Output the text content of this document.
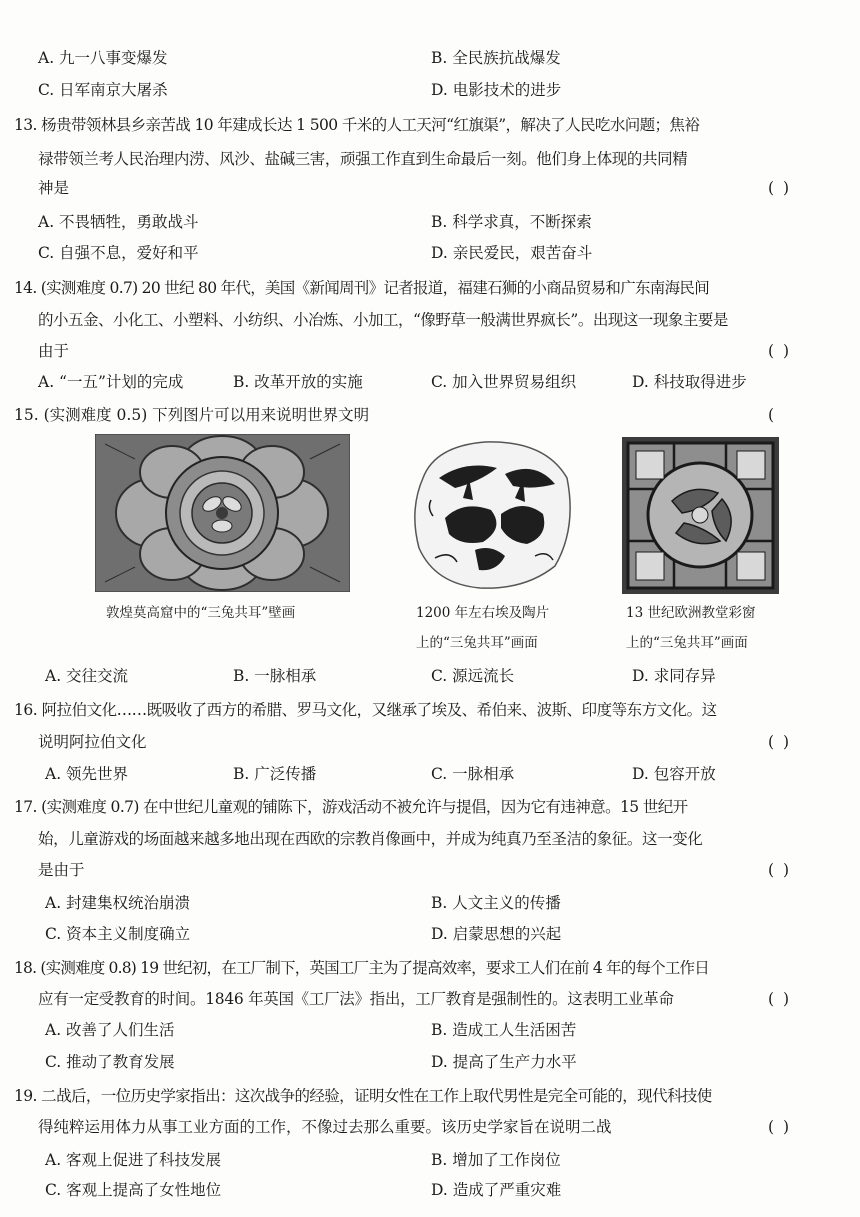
A. 九一八事变爆发	B. 全民族抗战爆发
C. 日军南京大屠杀	D. 电影技术的进步
13. 杨贵带领林县乡亲苦战 10 年建成长达 1 500 千米的人工天河“红旗渠”，解决了人民吃水问题；焦裕
禄带领兰考人民治理内涝、风沙、盐碱三害，顽强工作直到生命最后一刻。他们身上体现的共同精
神是	( )
A. 不畏牺牲，勇敢战斗	B. 科学求真，不断探索
C. 自强不息，爱好和平	D. 亲民爱民，艰苦奋斗
14. (实测难度 0.7) 20 世纪 80 年代，美国《新闻周刊》记者报道，福建石狮的小商品贸易和广东南海民间
的小五金、小化工、小塑料、小纺织、小冶炼、小加工，“像野草一般满世界疯长”。出现这一现象主要是
由于	( )
A. “一五”计划的完成	B. 改革开放的实施	C. 加入世界贸易组织	D. 科技取得进步
15. (实测难度 0.5) 下列图片可以用来说明世界文明	(
敦煌莫高窟中的“三兔共耳”壁画	1200 年左右埃及陶片
上的“三兔共耳”画面
13 世纪欧洲教堂彩窗
上的“三兔共耳”画面
A. 交往交流	B. 一脉相承	C. 源远流长	D. 求同存异
16. 阿拉伯文化……既吸收了西方的希腊、罗马文化，又继承了埃及、希伯来、波斯、印度等东方文化。这
说明阿拉伯文化	( )
A. 领先世界	B. 广泛传播	C. 一脉相承	D. 包容开放
17. (实测难度 0.7) 在中世纪儿童观的铺陈下，游戏活动不被允许与提倡，因为它有违神意。15 世纪开
始，儿童游戏的场面越来越多地出现在西欧的宗教肖像画中，并成为纯真乃至圣洁的象征。这一变化
是由于	( )
A. 封建集权统治崩溃	B. 人文主义的传播
C. 资本主义制度确立	D. 启蒙思想的兴起
18. (实测难度 0.8) 19 世纪初，在工厂制下，英国工厂主为了提高效率，要求工人们在前 4 年的每个工作日
应有一定受教育的时间。1846 年英国《工厂法》指出，工厂教育是强制性的。这表明工业革命	( )
A. 改善了人们生活	B. 造成工人生活困苦
C. 推动了教育发展	D. 提高了生产力水平
19. 二战后，一位历史学家指出：这次战争的经验，证明女性在工作上取代男性是完全可能的，现代科技使
得纯粹运用体力从事工业方面的工作，不像过去那么重要。该历史学家旨在说明二战	( )
A. 客观上促进了科技发展	B. 增加了工作岗位
C. 客观上提高了女性地位	D. 造成了严重灾难
